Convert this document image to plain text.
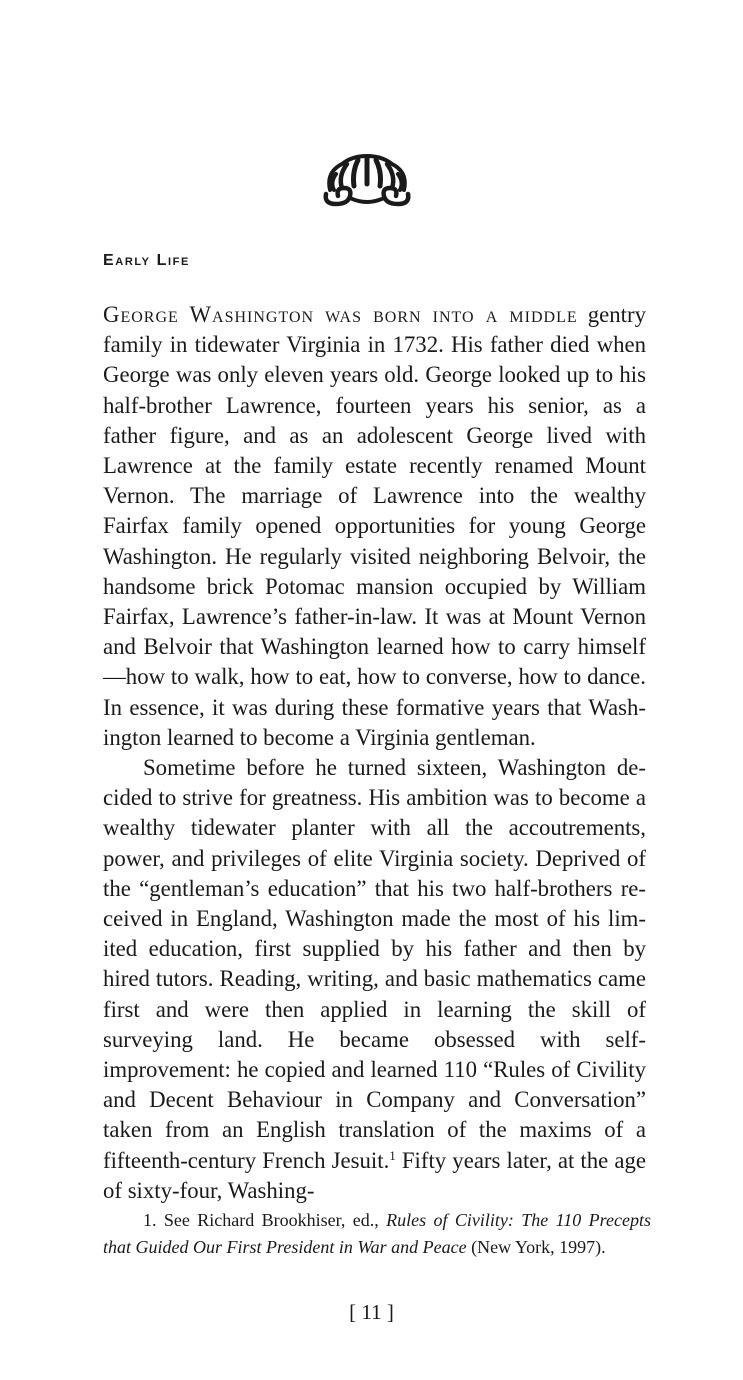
Early Life

George Washington was born into a middle gentry family in tidewater Virginia in 1732. His father died when George was only eleven years old. George looked up to his half-brother Lawrence, fourteen years his senior, as a father figure, and as an adolescent George lived with Lawrence at the family estate recently renamed Mount Vernon. The marriage of Lawrence into the wealthy Fairfax family opened opportunities for young George Washington. He regularly visited neighboring Belvoir, the handsome brick Potomac mansion occupied by William Fairfax, Lawrence’s father-in-law. It was at Mount Vernon and Belvoir that Washington learned how to carry himself—how to walk, how to eat, how to converse, how to dance. In essence, it was during these formative years that Washington learned to become a Virginia gentleman.

Sometime before he turned sixteen, Washington decided to strive for greatness. His ambition was to become a wealthy tidewater planter with all the accoutrements, power, and privileges of elite Virginia society. Deprived of the “gentleman’s education” that his two half-brothers received in England, Washington made the most of his limited education, first supplied by his father and then by hired tutors. Reading, writing, and basic mathematics came first and were then applied in learning the skill of surveying land. He became obsessed with self-improvement: he copied and learned 110 “Rules of Civility and Decent Behaviour in Company and Conversation” taken from an English translation of the maxims of a fifteenth-century French Jesuit.$^1$ Fifty years later, at the age of sixty-four, Washing-

1. See Richard Brookhiser, ed., Rules of Civility: The 110 Precepts that Guided Our First President in War and Peace (New York, 1997).

[ 11 ]
